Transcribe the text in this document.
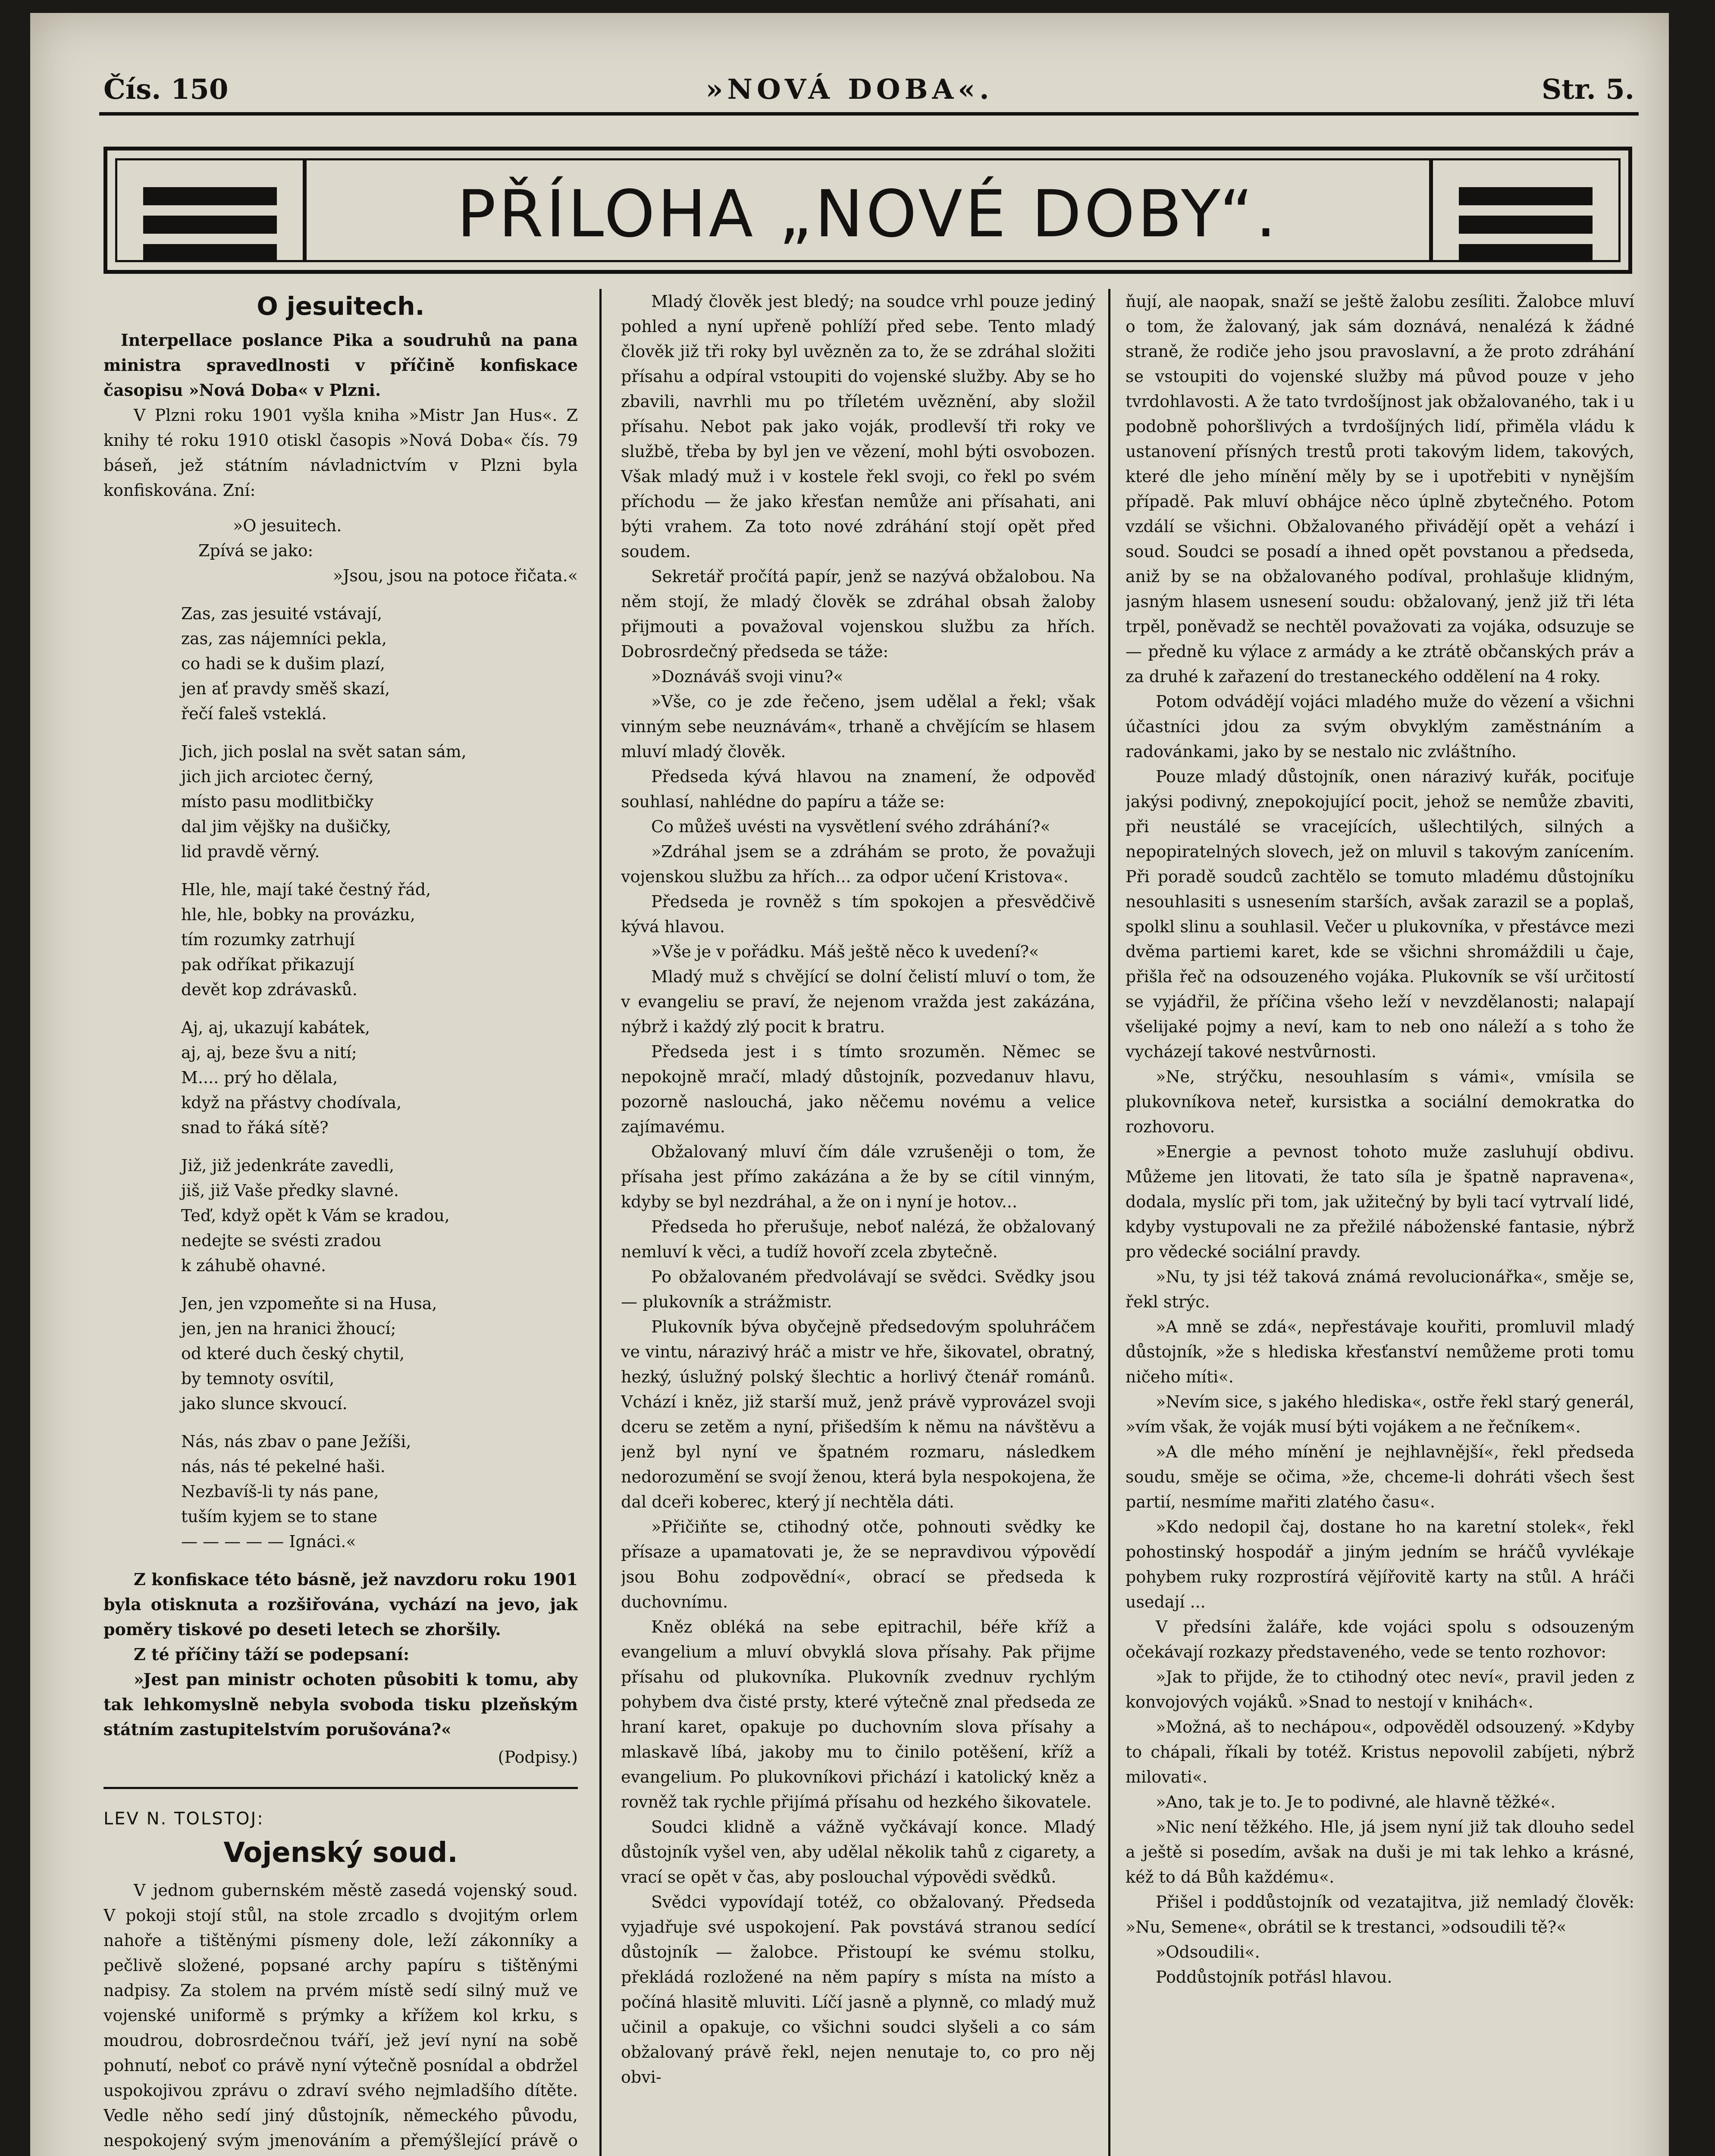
Čís. 150	»NOVÁ DOBA«.	Str. 5.
PŘÍLOHA „NOVÉ DOBY“.
O jesuitech.

Interpellace poslance Pika a soudruhů na pana ministra spravedlnosti v příčině konfiskace časopisu »Nová Doba« v Plzni.

V Plzni roku 1901 vyšla kniha »Mistr Jan Hus«. Z knihy té roku 1910 otiskl časopis »Nová Doba« čís. 79 báseň, jež státním návladnictvím v Plzni byla konfiskována. Zní:

»O jesuitech.
Zpívá se jako:
»Jsou, jsou na potoce řičata.«
Zas, zas jesuité vstávají,
zas, zas nájemníci pekla,
co hadi se k dušim plazí,
jen ať pravdy směš skazí,
řečí faleš vsteklá.
Jich, jich poslal na svět satan sám,
jich jich arciotec černý,
místo pasu modlitbičky
dal jim vějšky na dušičky,
lid pravdě věrný.
Hle, hle, mají také čestný řád,
hle, hle, bobky na provázku,
tím rozumky zatrhují
pak odříkat přikazují
devět kop zdrávasků.
Aj, aj, ukazují kabátek,
aj, aj, beze švu a nití;
M.... prý ho dělala,
když na přástvy chodívala,
snad to řáká sítě?
Již, již jedenkráte zavedli,
jiš, již Vaše předky slavné.
Teď, když opět k Vám se kradou,
nedejte se svésti zradou
k záhubě ohavné.
Jen, jen vzpomeňte si na Husa,
jen, jen na hranici žhoucí;
od které duch český chytil,
by temnoty osvítil,
jako slunce skvoucí.
Nás, nás zbav o pane Ježíši,
nás, nás té pekelné haši.
Nezbavíš-li ty nás pane,
tuším kyjem se to stane
— — — — — Ignáci.«

Z konfiskace této básně, jež navzdoru roku 1901 byla otisknuta a rozšiřována, vychází na jevo, jak poměry tiskové po deseti letech se zhoršily.

Z té příčiny táží se podepsaní:

»Jest pan ministr ochoten působiti k tomu, aby tak lehkomyslně nebyla svoboda tisku plzeňským státním zastupitelstvím porušována?«

(Podpisy.)
LEV N. TOLSTOJ:
Vojenský soud.

V jednom gubernském městě zasedá vojenský soud. V pokoji stojí stůl, na stole zrcadlo s dvojitým orlem nahoře a tištěnými písmeny dole, leží zákonníky a pečlivě složené, popsané archy papíru s tištěnými nadpisy. Za stolem na prvém místě sedí silný muž ve vojenské uniformě s prýmky a křížem kol krku, s moudrou, dobrosrdečnou tváří, jež jeví nyní na sobě pohnutí, neboť co právě nyní výtečně posnídal a obdržel uspokojivou zprávu o zdraví svého nejmladšího dítěte. Vedle něho sedí jiný důstojník, německého původu, nespokojený svým jmenováním a přemýšlející právě o

Mladý člověk jest bledý; na soudce vrhl pouze jediný pohled a nyní upřeně pohlíží před sebe. Tento mladý člověk již tři roky byl uvězněn za to, že se zdráhal složiti přísahu a odpíral vstoupiti do vojenské služby. Aby se ho zbavili, navrhli mu po tříletém uvěznění, aby složil přísahu. Nebot pak jako voják, prodlevší tři roky ve službě, třeba by byl jen ve vězení, mohl býti osvobozen. Však mladý muž i v kostele řekl svoji, co řekl po svém příchodu — že jako křesťan nemůže ani přísahati, ani býti vrahem. Za toto nové zdráhání stojí opět před soudem.

Sekretář pročítá papír, jenž se nazývá obžalobou. Na něm stojí, že mladý člověk se zdráhal obsah žaloby přijmouti a považoval vojenskou službu za hřích. Dobrosrdečný předseda se táže:

»Doznáváš svoji vinu?«

»Vše, co je zde řečeno, jsem udělal a řekl; však vinným sebe neuznávám«, trhaně a chvějícím se hlasem mluví mladý člověk.

Předseda kývá hlavou na znamení, že odpověď souhlasí, nahlédne do papíru a táže se:

Co můžeš uvésti na vysvětlení svého zdráhání?«

»Zdráhal jsem se a zdráhám se proto, že považuji vojenskou službu za hřích... za odpor učení Kristova«.

Předseda je rovněž s tím spokojen a přesvědčivě kývá hlavou.

»Vše je v pořádku. Máš ještě něco k uvedení?«

Mladý muž s chvějící se dolní čelistí mluví o tom, že v evangeliu se praví, že nejenom vražda jest zakázána, nýbrž i každý zlý pocit k bratru.

Předseda jest i s tímto srozuměn. Němec se nepokojně mračí, mladý důstojník, pozvedanuv hlavu, pozorně naslouchá, jako něčemu novému a velice zajímavému.

Obžalovaný mluví čím dále vzrušeněji o tom, že přísaha jest přímo zakázána a že by se cítil vinným, kdyby se byl nezdráhal, a že on i nyní je hotov...

Předseda ho přerušuje, neboť nalézá, že obžalovaný nemluví k věci, a tudíž hovoří zcela zbytečně.

Po obžalovaném předvolávají se svědci. Svědky jsou — plukovník a strážmistr.

Plukovník býva obyčejně předsedovým spoluhráčem ve vintu, nárazivý hráč a mistr ve hře, šikovatel, obratný, hezký, úslužný polský šlechtic a horlivý čtenář románů. Vchází i kněz, již starší muž, jenž právě vyprovázel svoji dceru se zetěm a nyní, přišedším k němu na návštěvu a jenž byl nyní ve špatném rozmaru, následkem nedorozumění se svojí ženou, která byla nespokojena, že dal dceři koberec, který jí nechtěla dáti.

»Přičiňte se, ctihodný otče, pohnouti svědky ke přísaze a upamatovati je, že se nepravdivou výpovědí jsou Bohu zodpovědní«, obrací se předseda k duchovnímu.

Kněz obléká na sebe epitrachil, béře kříž a evangelium a mluví obvyklá slova přísahy. Pak přijme přísahu od plukovníka. Plukovník zvednuv rychlým pohybem dva čisté prsty, které výtečně znal předseda ze hraní karet, opakuje po duchovním slova přísahy a mlaskavě líbá, jakoby mu to činilo potěšení, kříž a evangelium. Po plukovníkovi přichází i katolický kněz a rovněž tak rychle přijímá přísahu od hezkého šikovatele.

Soudci klidně a vážně vyčkávají konce. Mladý důstojník vyšel ven, aby udělal několik tahů z cigarety, a vrací se opět v čas, aby poslouchal výpovědi svědků.

Svědci vypovídají totéž, co obžalovaný. Předseda vyjadřuje své uspokojení. Pak povstává stranou sedící důstojník — žalobce. Přistoupí ke svému stolku, překládá rozložené na něm papíry s místa na místo a počíná hlasitě mluviti. Líčí jasně a plynně, co mladý muž učinil a opakuje, co všichni soudci slyšeli a co sám obžalovaný právě řekl, nejen nenutaje to, co pro něj obvi-

ňují, ale naopak, snaží se ještě žalobu zesíliti. Žalobce mluví o tom, že žalovaný, jak sám doznává, nenalézá k žádné straně, že rodiče jeho jsou pravoslavní, a že proto zdráhání se vstoupiti do vojenské služby má původ pouze v jeho tvrdohlavosti. A že tato tvrdošíjnost jak obžalovaného, tak i u podobně pohoršlivých a tvrdošíjných lidí, přiměla vládu k ustanovení přísných trestů proti takovým lidem, takových, které dle jeho mínění měly by se i upotřebiti v nynějším případě. Pak mluví obhájce něco úplně zbytečného. Potom vzdálí se všichni. Obžalovaného přivádějí opět a vehází i soud. Soudci se posadí a ihned opět povstanou a předseda, aniž by se na obžalovaného podíval, prohlašuje klidným, jasným hlasem usnesení soudu: obžalovaný, jenž již tři léta trpěl, poněvadž se nechtěl považovati za vojáka, odsuzuje se — předně ku výlace z armády a ke ztrátě občanských práv a za druhé k zařazení do trestaneckého oddělení na 4 roky.

Potom odvádějí vojáci mladého muže do vězení a všichni účastníci jdou za svým obvyklým zaměstnáním a radovánkami, jako by se nestalo nic zvláštního.

Pouze mladý důstojník, onen nárazivý kuřák, pociťuje jakýsi podivný, znepokojující pocit, jehož se nemůže zbaviti, při neustálé se vracejících, ušlechtilých, silných a nepopiratelných slovech, jež on mluvil s takovým zanícením. Při poradě soudců zachtělo se tomuto mladému důstojníku nesouhlasiti s usnesením starších, avšak zarazil se a poplaš, spolkl slinu a souhlasil. Večer u plukovníka, v přestávce mezi dvěma partiemi karet, kde se všichni shromáždili u čaje, přišla řeč na odsouzeného vojáka. Plukovník se vší určitostí se vyjádřil, že příčina všeho leží v nevzdělanosti; nalapají všelijaké pojmy a neví, kam to neb ono náleží a s toho že vycházejí takové nestvůrnosti.

»Ne, strýčku, nesouhlasím s vámi«, vmísila se plukovníkova neteř, kursistka a sociální demokratka do rozhovoru.

»Energie a pevnost tohoto muže zasluhují obdivu. Můžeme jen litovati, že tato síla je špatně napravena«, dodala, myslíc při tom, jak užitečný by byli tací vytrvalí lidé, kdyby vystupovali ne za přežilé náboženské fantasie, nýbrž pro vědecké sociální pravdy.

»Nu, ty jsi též taková známá revolucionářka«, směje se, řekl strýc.

»A mně se zdá«, nepřestávaje kouřiti, promluvil mladý důstojník, »že s hlediska křesťanství nemůžeme proti tomu ničeho míti«.

»Nevím sice, s jakého hlediska«, ostře řekl starý generál, »vím však, že voják musí býti vojákem a ne řečníkem«.

»A dle mého mínění je nejhlavnější«, řekl předseda soudu, směje se očima, »že, chceme-li dohráti všech šest partií, nesmíme mařiti zlatého času«.

»Kdo nedopil čaj, dostane ho na karetní stolek«, řekl pohostinský hospodář a jiným jedním se hráčů vyvlékaje pohybem ruky rozprostírá vějířovitě karty na stůl. A hráči usedají ...

V předsíni žaláře, kde vojáci spolu s odsouzeným očekávají rozkazy představeného, vede se tento rozhovor:

»Jak to přijde, že to ctihodný otec neví«, pravil jeden z konvojových vojáků. »Snad to nestojí v knihách«.

»Možná, aš to nechápou«, odpověděl odsouzený. »Kdyby to chápali, říkali by totéž. Kristus nepovolil zabíjeti, nýbrž milovati«.

»Ano, tak je to. Je to podivné, ale hlavně těžké«.

»Nic není těžkého. Hle, já jsem nyní již tak dlouho sedel a ještě si posedím, avšak na duši je mi tak lehko a krásné, kéž to dá Bůh každému«.

Přišel i poddůstojník od vezatajitva, již nemladý člověk: »Nu, Semene«, obrátil se k trestanci, »odsoudili tě?«

»Odsoudili«.

Poddůstojník potřásl hlavou.
